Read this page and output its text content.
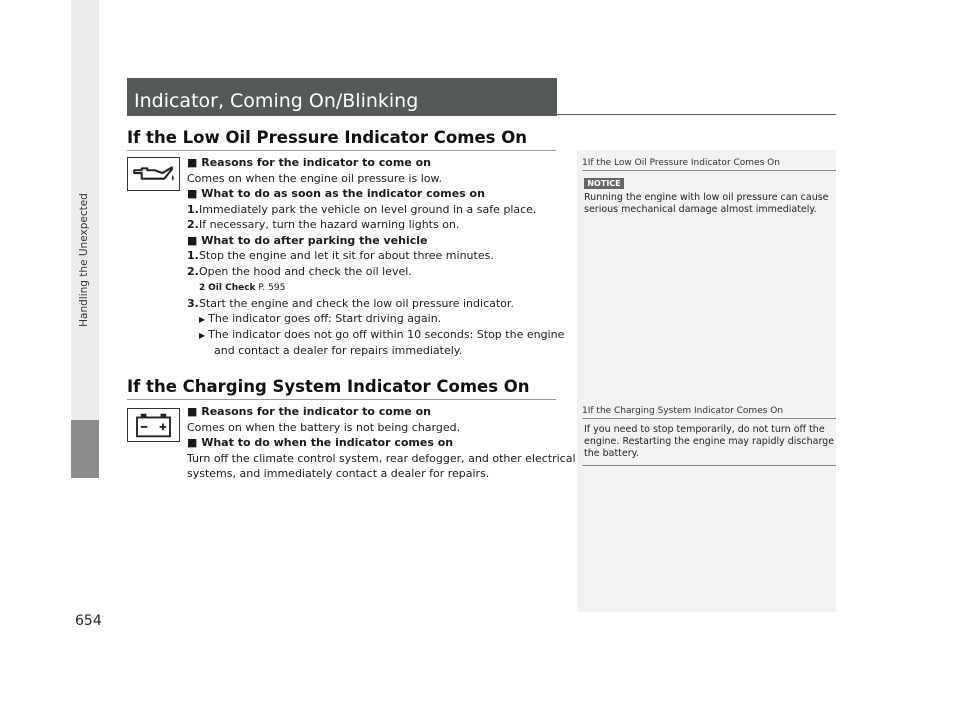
Handling the Unexpected
654
Indicator, Coming On/Blinking
If the Low Oil Pressure Indicator Comes On
■ Reasons for the indicator to come on
Comes on when the engine oil pressure is low.
■ What to do as soon as the indicator comes on
1. Immediately park the vehicle on level ground in a safe place.
2. If necessary, turn the hazard warning lights on.
■ What to do after parking the vehicle
1. Stop the engine and let it sit for about three minutes.
2. Open the hood and check the oil level.
2 Oil Check P. 595
3. Start the engine and check the low oil pressure indicator.
▶ The indicator goes off: Start driving again.
▶ The indicator does not go off within 10 seconds: Stop the engine
and contact a dealer for repairs immediately.
If the Charging System Indicator Comes On
■ Reasons for the indicator to come on
Comes on when the battery is not being charged.
■ What to do when the indicator comes on
Turn off the climate control system, rear defogger, and other electrical
systems, and immediately contact a dealer for repairs.
1If the Low Oil Pressure Indicator Comes On
NOTICE
Running the engine with low oil pressure can cause
serious mechanical damage almost immediately.
1If the Charging System Indicator Comes On
If you need to stop temporarily, do not turn off the
engine. Restarting the engine may rapidly discharge
the battery.
